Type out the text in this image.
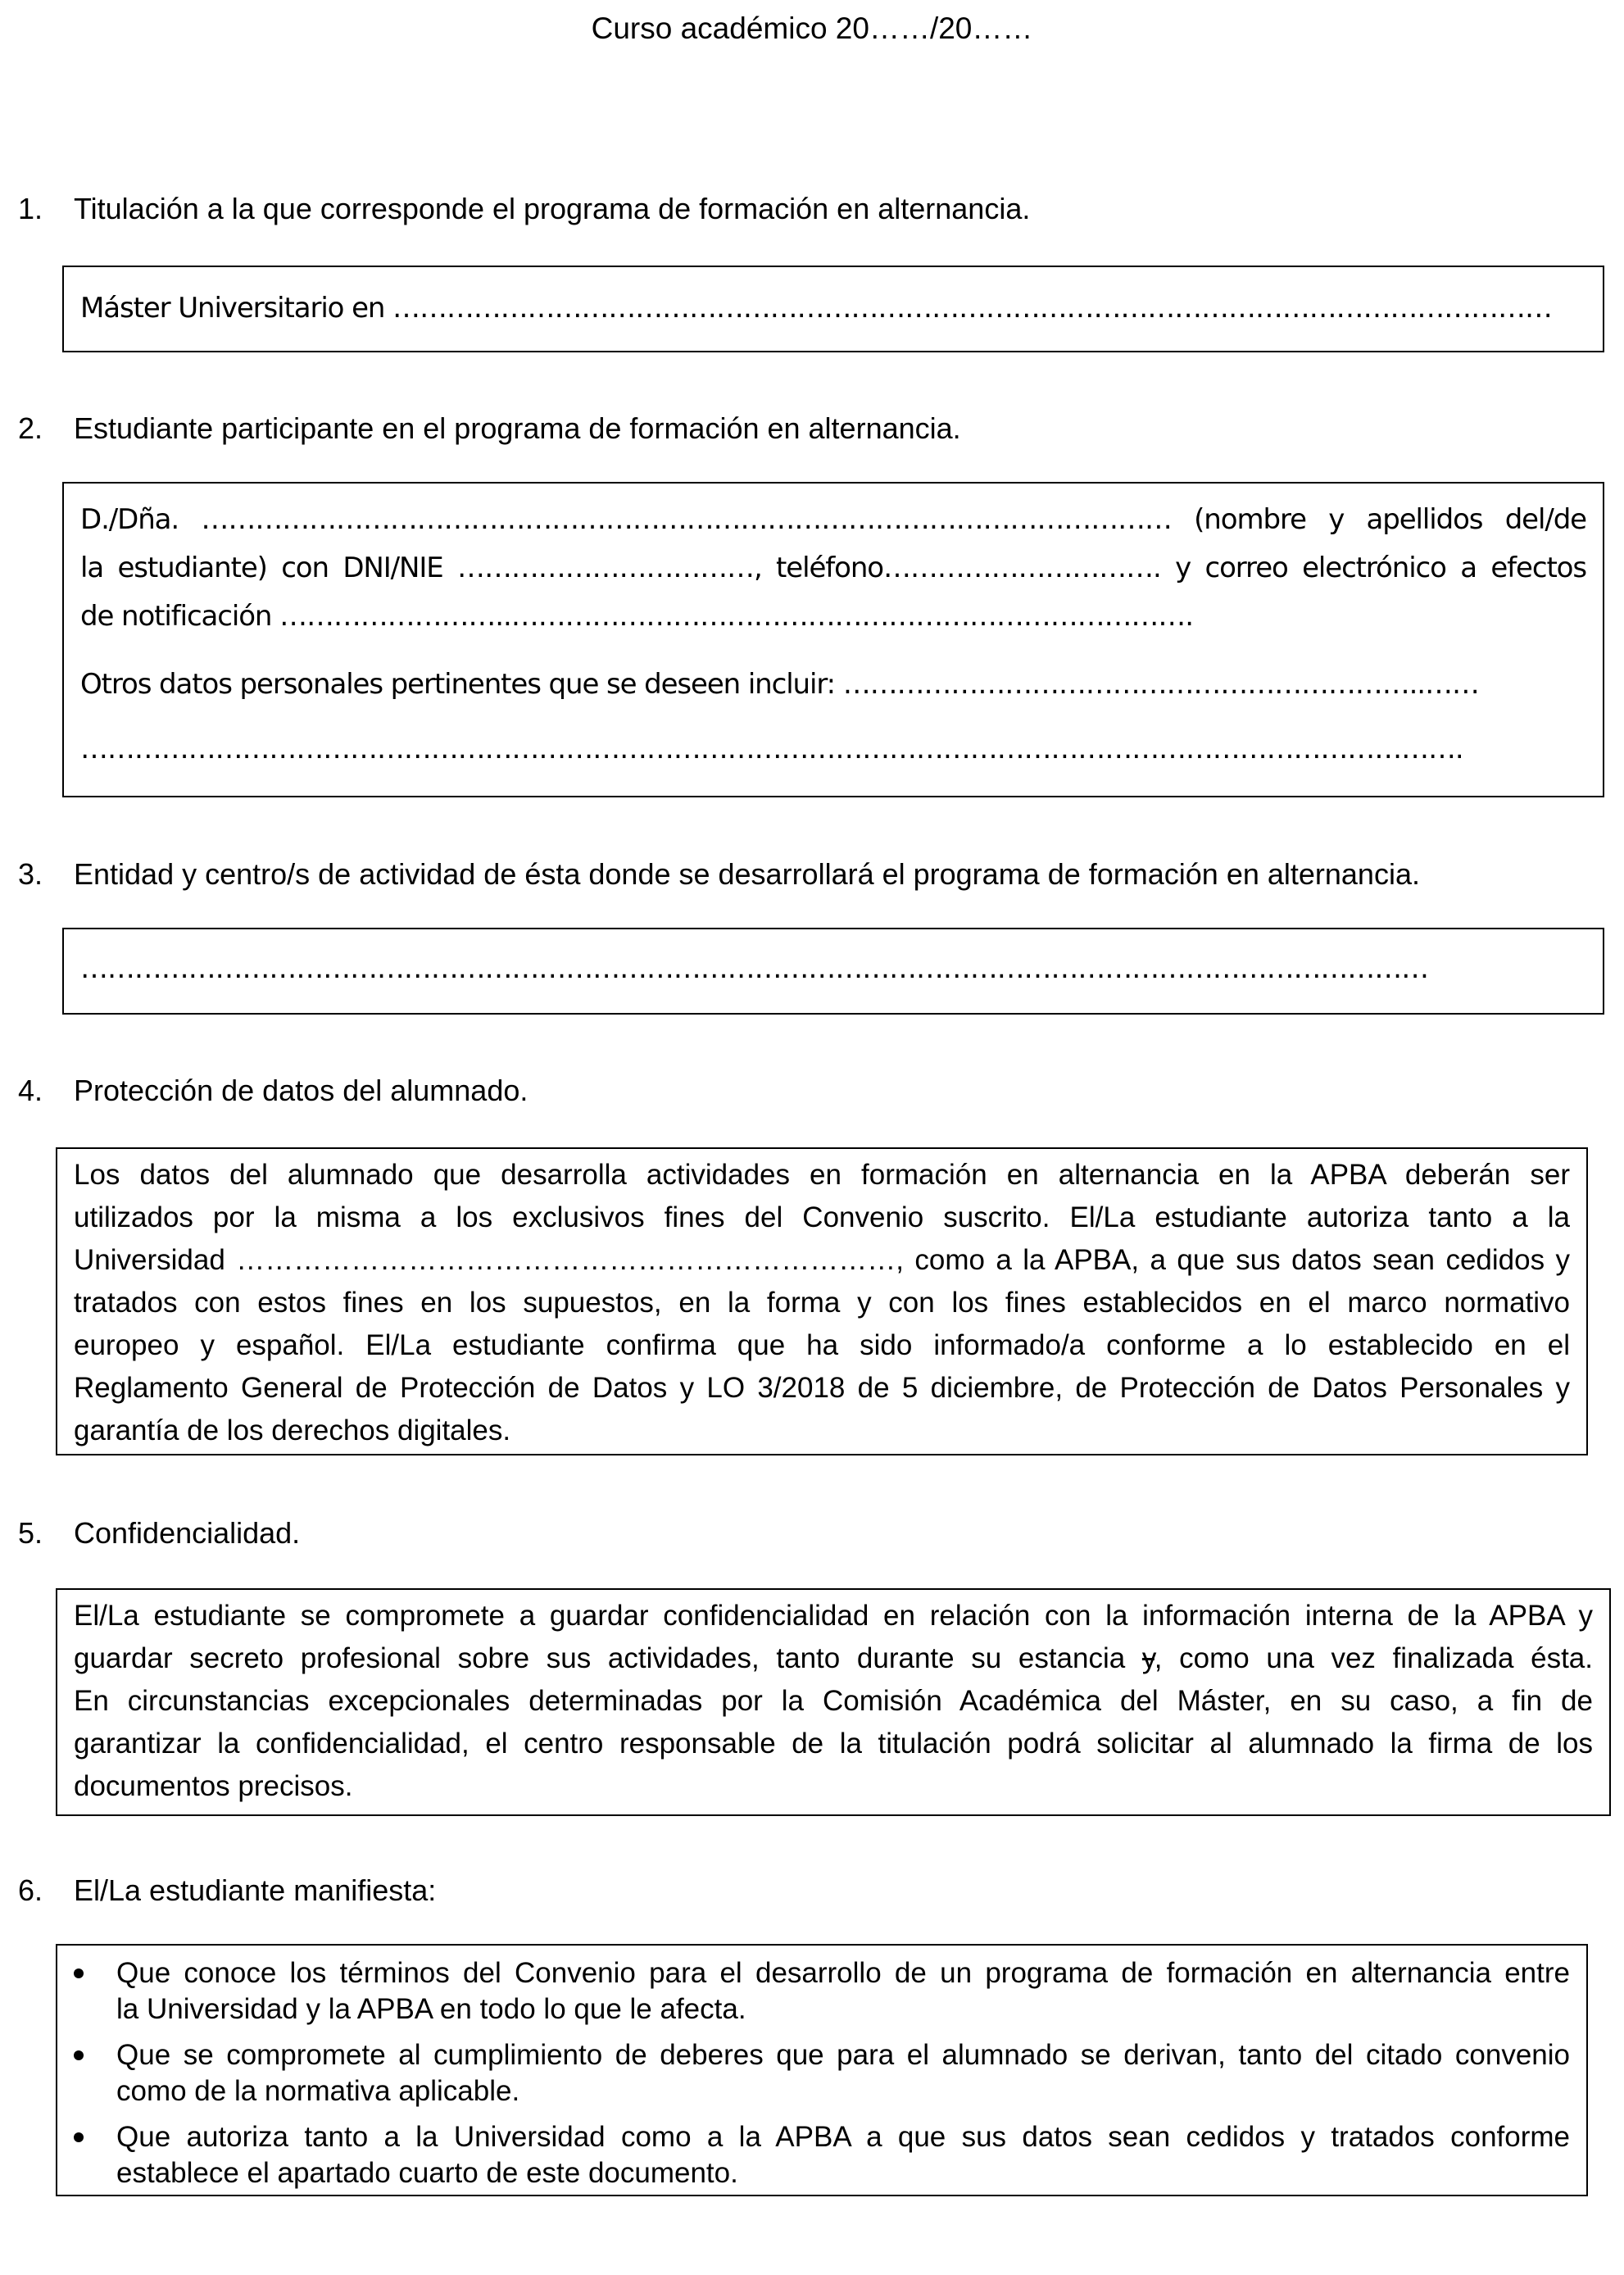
Curso académico 20……/20……
1. Titulación a la que corresponde el programa de formación en alternancia.
Máster Universitario en …………………………………………………………………………………………………………………
2. Estudiante participante en el programa de formación en alternancia.
D./Dña. ……………………………………………………………………………………………… (nombre y apellidos del/de
la estudiante) con DNI/NIE ……………………………, teléfono…………………………. y correo electrónico a efectos
de notificación ……………………..………………………………………………………………….
Otros datos personales pertinentes que se deseen incluir: ………………………………………………………..……
……………………………………………………………………………………………………………………………………….
3. Entidad y centro/s de actividad de ésta donde se desarrollará el programa de formación en alternancia.
……………………………………………………………………………………………………………………………………
4. Protección de datos del alumnado.
Los datos del alumnado que desarrolla actividades en formación en alternancia en la APBA deberán ser
utilizados por la misma a los exclusivos fines del Convenio suscrito. El/La estudiante autoriza tanto a la
Universidad ……………………………………………………………, como a la APBA, a que sus datos sean cedidos y
tratados con estos fines en los supuestos, en la forma y con los fines establecidos en el marco normativo
europeo y español. El/La estudiante confirma que ha sido informado/a conforme a lo establecido en el
Reglamento General de Protección de Datos y LO 3/2018 de 5 diciembre, de Protección de Datos Personales y
garantía de los derechos digitales.
5. Confidencialidad.
El/La estudiante se compromete a guardar confidencialidad en relación con la información interna de la APBA y
guardar secreto profesional sobre sus actividades, tanto durante su estancia y, como una vez finalizada ésta.
En circunstancias excepcionales determinadas por la Comisión Académica del Máster, en su caso, a fin de
garantizar la confidencialidad, el centro responsable de la titulación podrá solicitar al alumnado la firma de los
documentos precisos.
6. El/La estudiante manifiesta:
Que conoce los términos del Convenio para el desarrollo de un programa de formación en alternancia entre
la Universidad y la APBA en todo lo que le afecta.
Que se compromete al cumplimiento de deberes que para el alumnado se derivan, tanto del citado convenio
como de la normativa aplicable.
Que autoriza tanto a la Universidad como a la APBA a que sus datos sean cedidos y tratados conforme
establece el apartado cuarto de este documento.
